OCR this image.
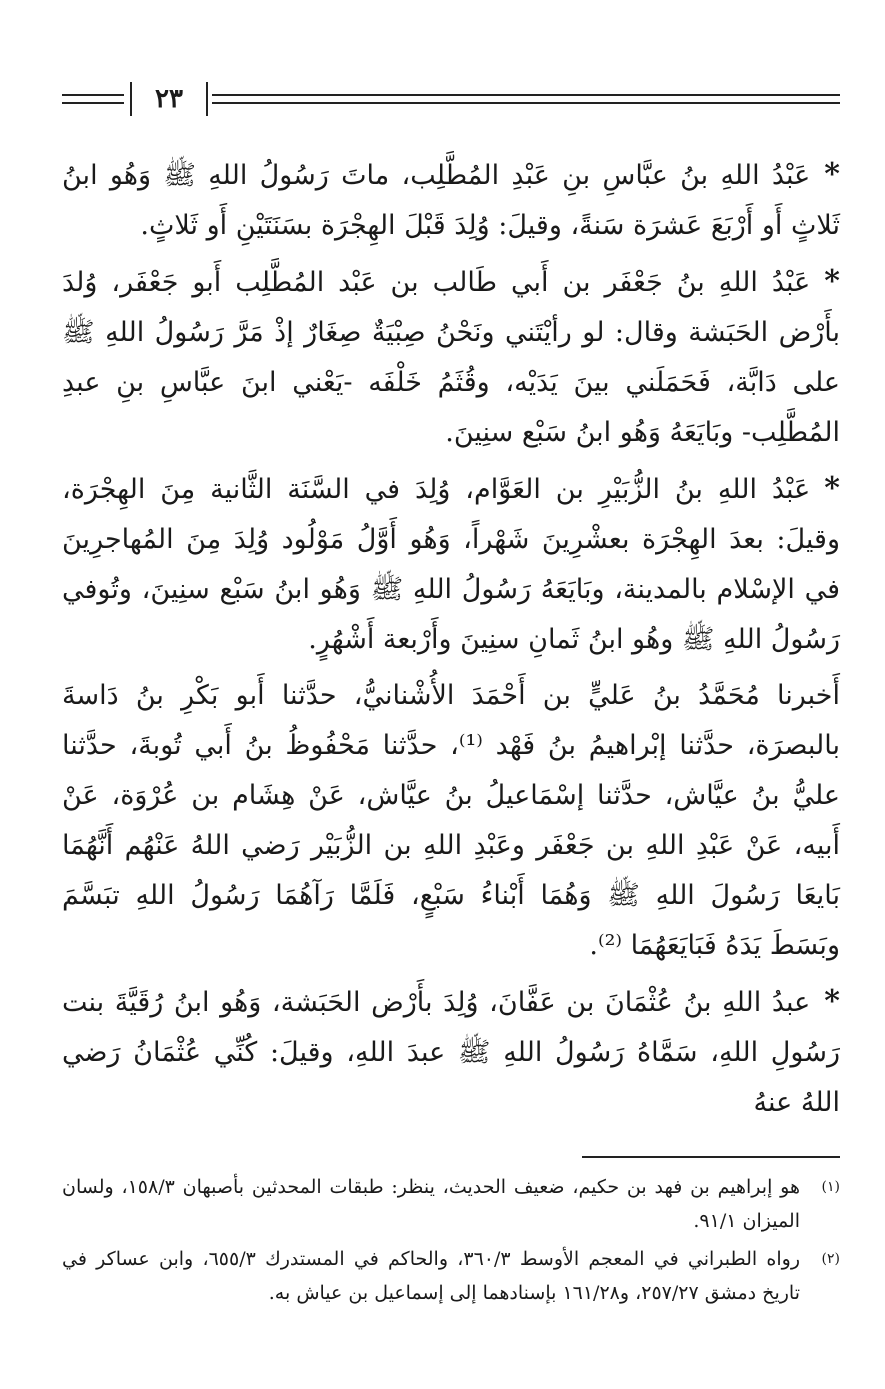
٢٣

*عَبْدُ اللهِ بنُ عبَّاسِ بنِ عَبْدِ المُطَّلِب، ماتَ رَسُولُ اللهِ ﷺ وَهُو ابنُ ثَلاثٍ أَو أَرْبَعَ عَشرَة سَنةً، وقيلَ: وُلِدَ قَبْلَ الهِجْرَة بسَنَتَيْنِ أَو ثَلاثٍ.

*عَبْدُ اللهِ بنُ جَعْفَر بن أَبي طَالب بن عَبْد المُطَّلِب أَبو جَعْفَر، وُلدَ بأَرْض الحَبَشة وقال: لو رأيْتَني ونَحْنُ صِبْيَةٌ صِغَارٌ إذْ مَرَّ رَسُولُ اللهِ ﷺ على دَابَّة، فَحَمَلَني بينَ يَدَيْه، وقُثَمُ خَلْفَه -يَعْني ابنَ عبَّاسِ بنِ عبدِ المُطَّلِب- وبَايَعَهُ وَهُو ابنُ سَبْع سنِينَ.

*عَبْدُ اللهِ بنُ الزُّبَيْرِ بن العَوَّام، وُلِدَ في السَّنَة الثَّانية مِنَ الهِجْرَة، وقيلَ: بعدَ الهِجْرَة بعشْرِينَ شَهْراً، وَهُو أَوَّلُ مَوْلُود وُلِدَ مِنَ المُهاجرِينَ في الإسْلام بالمدينة، وبَايَعَهُ رَسُولُ اللهِ ﷺ وَهُو ابنُ سَبْع سنِينَ، وتُوفي رَسُولُ اللهِ ﷺ وهُو ابنُ ثَمانِ سنِينَ وأَرْبعة أَشْهُرٍ.

أَخبرنا مُحَمَّدُ بنُ عَليٍّ بن أَحْمَدَ الأُشْنانيُّ، حدَّثنا أَبو بَكْرِ بنُ دَاسةَ بالبصرَة، حدَّثنا إبْراهيمُ بنُ فَهْد ⁽¹⁾، حدَّثنا مَحْفُوظُ بنُ أَبي تُوبةَ، حدَّثنا عليُّ بنُ عيَّاش، حدَّثنا إسْمَاعيلُ بنُ عيَّاش، عَنْ هِشَام بن عُرْوَة، عَنْ أَبيه، عَنْ عَبْدِ اللهِ بن جَعْفَر وعَبْدِ اللهِ بن الزُّبَيْر رَضي اللهُ عَنْهُم أَنَّهُمَا بَايعَا رَسُولَ اللهِ ﷺ وَهُمَا أَبْناءُ سَبْعٍ، فَلَمَّا رَآهُمَا رَسُولُ اللهِ تبَسَّمَ وبَسَطَ يَدَهُ فَبَايَعَهُمَا ⁽²⁾.

*عبدُ اللهِ بنُ عُثْمَانَ بن عَفَّانَ، وُلِدَ بأَرْض الحَبَشة، وَهُو ابنُ رُقَيَّةَ بنت رَسُولِ اللهِ، سَمَّاهُ رَسُولُ اللهِ ﷺ عبدَ اللهِ، وقيلَ: كُنِّي عُثْمَانُ رَضي اللهُ عنهُ

(١)
هو إبراهيم بن فهد بن حكيم، ضعيف الحديث، ينظر: طبقات المحدثين بأصبهان ١٥٨/٣، ولسان الميزان ٩١/١.
(٢)
رواه الطبراني في المعجم الأوسط ٣٦٠/٣، والحاكم في المستدرك ٦٥٥/٣، وابن عساكر في تاريخ دمشق ٢٥٧/٢٧، و١٦١/٢٨ بإسنادهما إلى إسماعيل بن عياش به.
